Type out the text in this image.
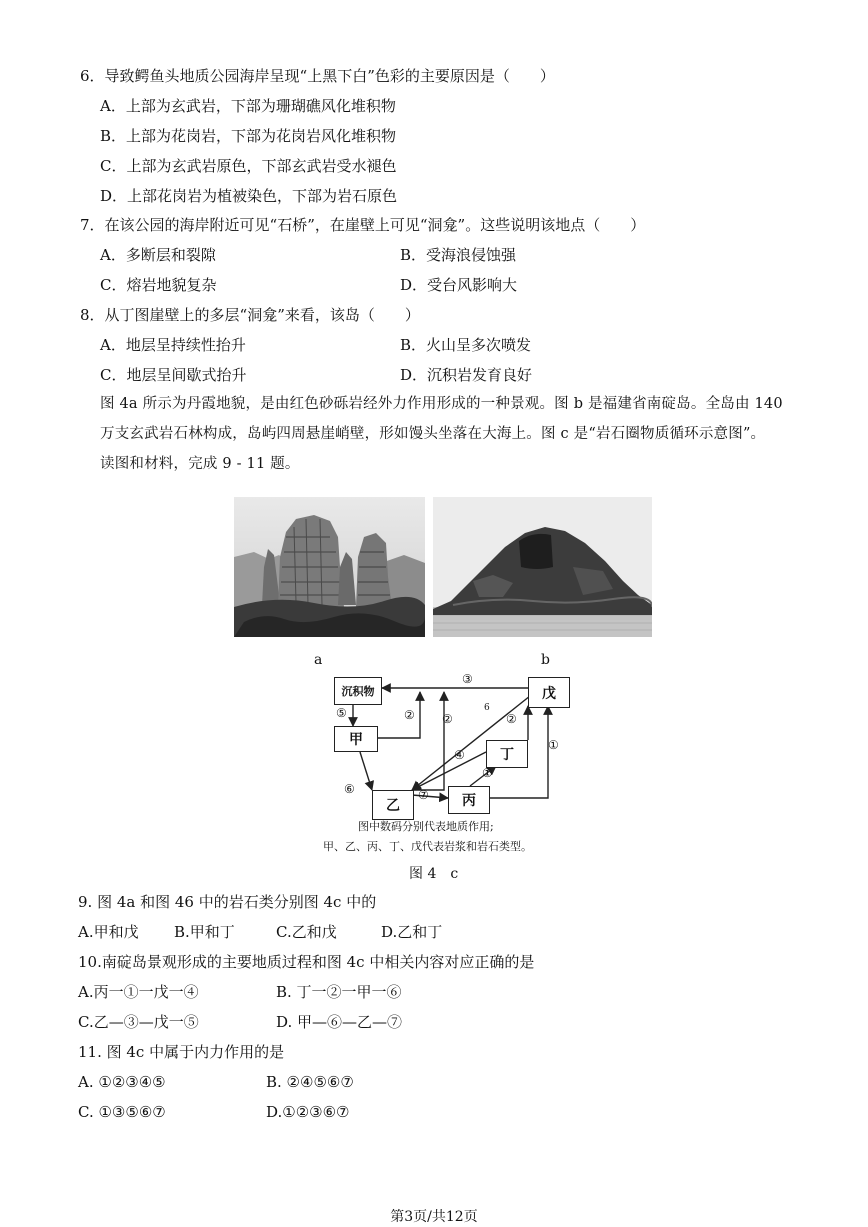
6．导致鳄鱼头地质公园海岸呈现“上黑下白”色彩的主要原因是（　　）
A．上部为玄武岩，下部为珊瑚礁风化堆积物
B．上部为花岗岩，下部为花岗岩风化堆积物
C．上部为玄武岩原色，下部玄武岩受水褪色
D．上部花岗岩为植被染色，下部为岩石原色
7．在该公园的海岸附近可见“石桥”，在崖壁上可见“洞龛”。这些说明该地点（　　）
A．多断层和裂隙	B．受海浪侵蚀强
C．熔岩地貌复杂	D．受台风影响大
8．从丁图崖壁上的多层“洞龛”来看，该岛（　　）
A．地层呈持续性抬升	B．火山呈多次喷发
C．地层呈间歇式抬升	D．沉积岩发育良好
图 4a 所示为丹霞地貌，是由红色砂砾岩经外力作用形成的一种景观。图 b 是福建省南碇岛。全岛由 140
万支玄武岩石林构成，岛屿四周悬崖峭壁，形如馒头坐落在大海上。图 c 是“岩石圈物质循环示意图”。
读图和材料，完成 9 - 11 题。
a	b
沉积物
甲
乙	丙
丁
戊
③
⑤	② ②
6
②
④
①
⑥
①
⑦
图中数码分别代表地质作用;
甲、乙、丙、丁、戊代表岩浆和岩石类型。
图 4　c
9. 图 4a 和图 46 中的岩石类分别图 4c 中的
A.甲和戊 B.甲和丁	C.乙和戊	D.乙和丁
10.南碇岛景观形成的主要地质过程和图 4c 中相关内容对应正确的是
A.丙一①一戊一④	B. 丁一②一甲一⑥
C.乙—③—戊一⑤	D. 甲—⑥—乙—⑦
11. 图 4c 中属于内力作用的是
A. ①②③④⑤	B. ②④⑤⑥⑦
C. ①③⑤⑥⑦	D.①②③⑥⑦
第3页/共12页
